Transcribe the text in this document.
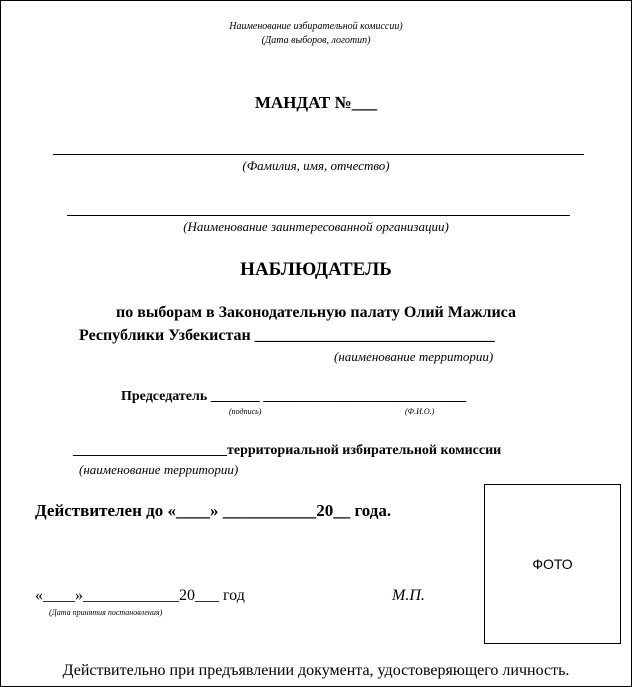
Наименование избирательной комиссии)
(Дата выборов, логотип)
МАНДАТ №___
(Фамилия, имя, отчество)
(Наименование заинтересованной организации)
НАБЛЮДАТЕЛЬ
по выборам в Законодательную палату Олий Мажлиса
Республики Узбекистан ______________________________
(наименование территории)
Председатель _______ _____________________________
(подпись)	(Ф.И.О.)
______________________территориальной избирательной комиссии
(наименование территории)
Действителен до «____» ___________20__ года.
«____»____________20___ год
(Дата принятия постановления)
М.П.
ФОТО
Действительно при предъявлении документа, удостоверяющего личность.
